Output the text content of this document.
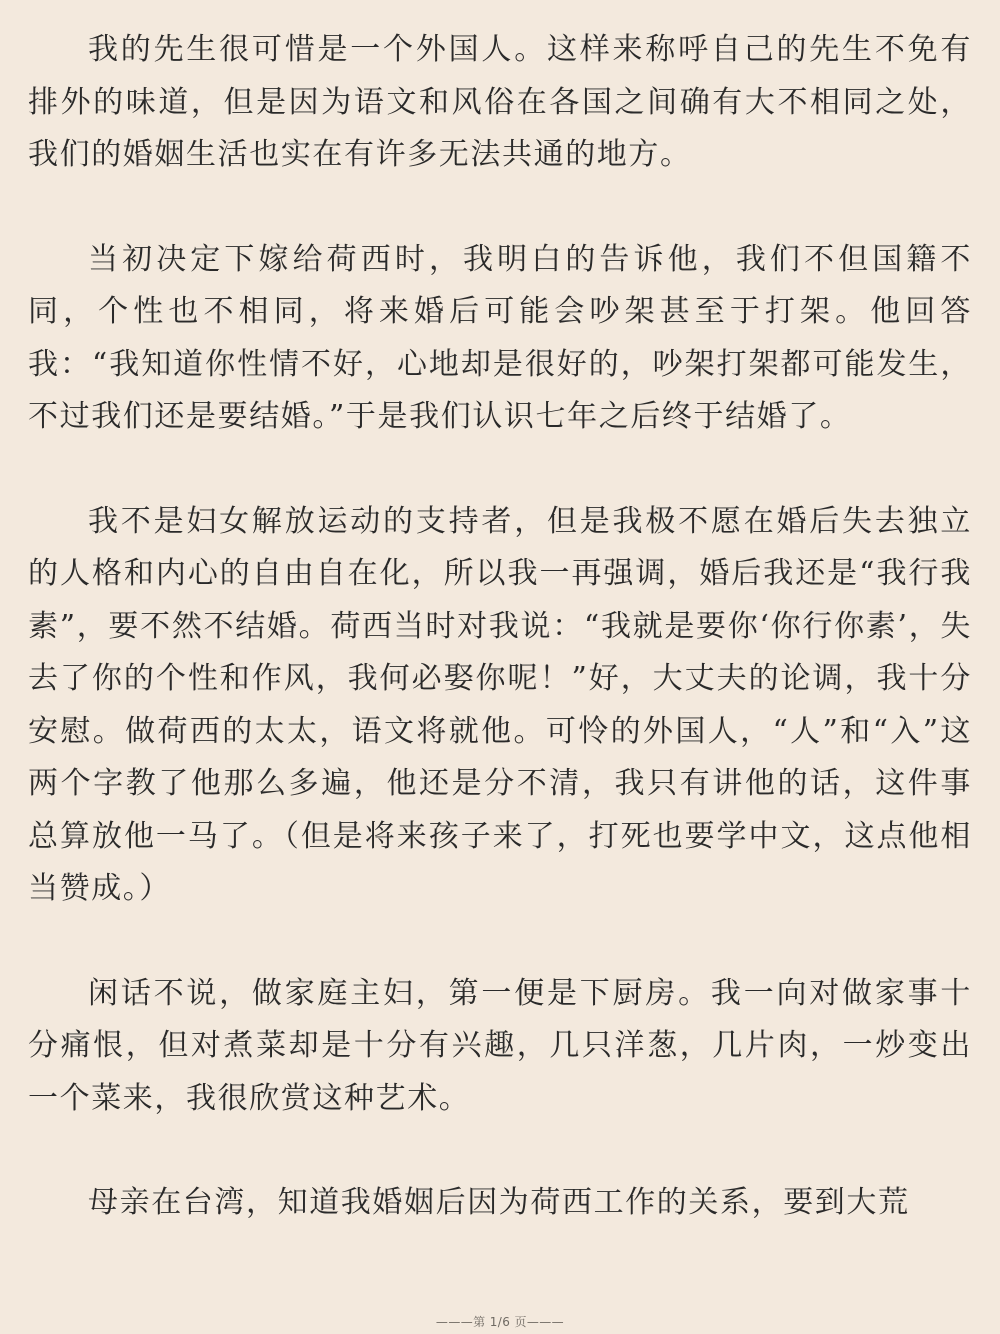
我的先生很可惜是一个外国人。这样来称呼自己的先生不免有排外的味道，但是因为语文和风俗在各国之间确有大不相同之处，我们的婚姻生活也实在有许多无法共通的地方。

当初决定下嫁给荷西时，我明白的告诉他，我们不但国籍不同，个性也不相同，将来婚后可能会吵架甚至于打架。他回答我：“我知道你性情不好，心地却是很好的，吵架打架都可能发生，不过我们还是要结婚。”于是我们认识七年之后终于结婚了。

我不是妇女解放运动的支持者，但是我极不愿在婚后失去独立的人格和内心的自由自在化，所以我一再强调，婚后我还是“我行我素”，要不然不结婚。荷西当时对我说：“我就是要你‘你行你素’，失去了你的个性和作风，我何必娶你呢！”好，大丈夫的论调，我十分安慰。做荷西的太太，语文将就他。可怜的外国人，“人”和“入”这两个字教了他那么多遍，他还是分不清，我只有讲他的话，这件事总算放他一马了。（但是将来孩子来了，打死也要学中文，这点他相当赞成。）

闲话不说，做家庭主妇，第一便是下厨房。我一向对做家事十分痛恨，但对煮菜却是十分有兴趣，几只洋葱，几片肉，一炒变出一个菜来，我很欣赏这种艺术。

母亲在台湾，知道我婚姻后因为荷西工作的关系，要到大荒

———第 1/6 页———
